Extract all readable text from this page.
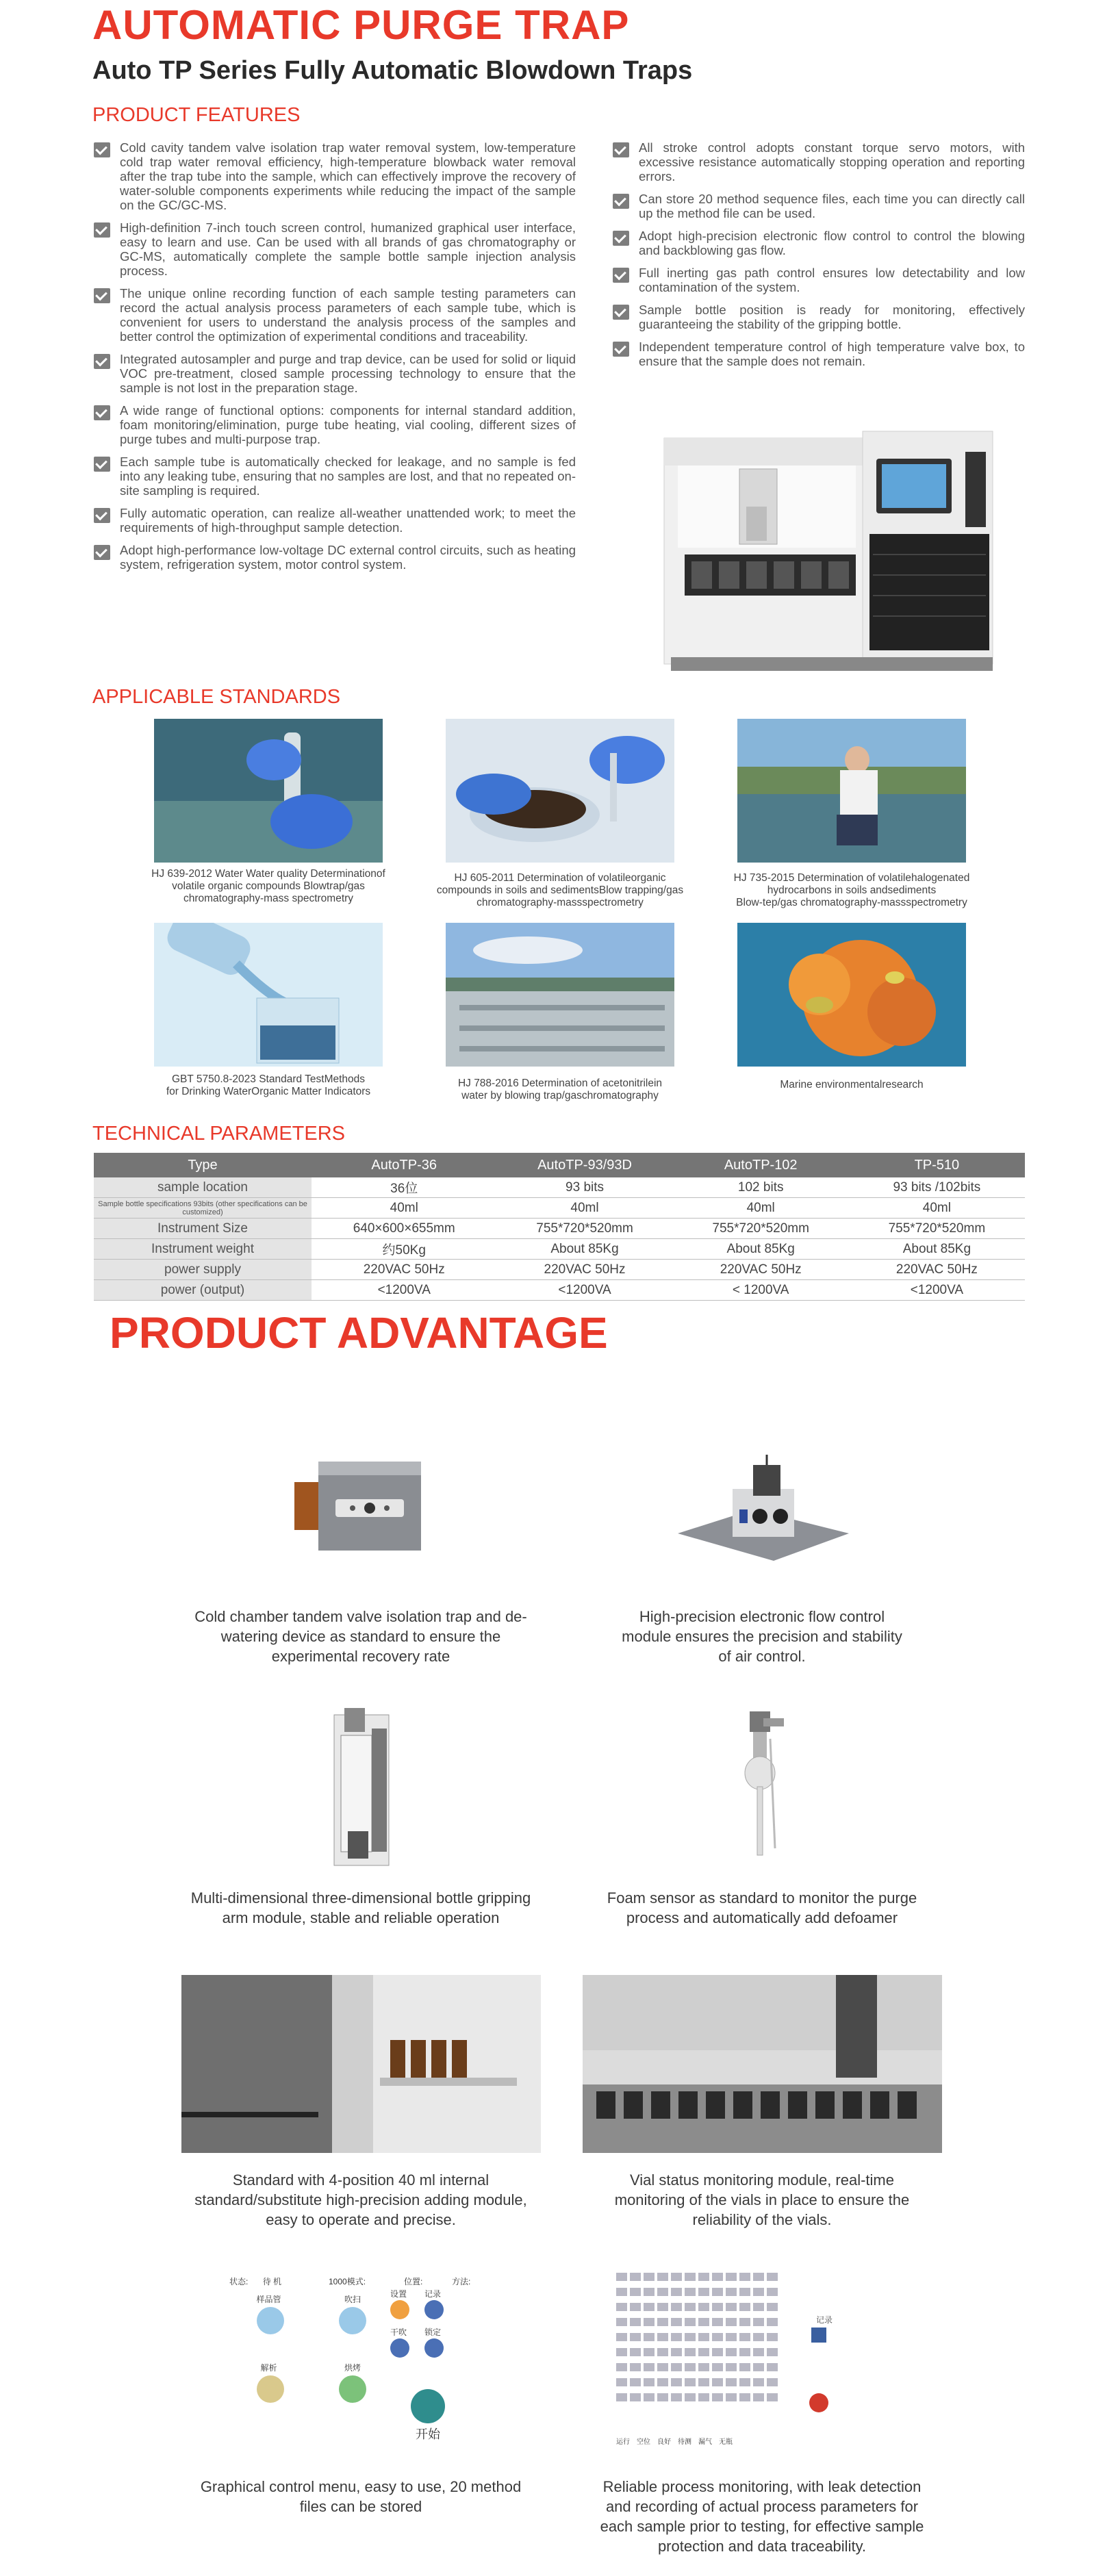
AUTOMATIC PURGE TRAP
Auto TP Series Fully Automatic Blowdown Traps
PRODUCT FEATURES
Cold cavity tandem valve isolation trap water removal system, low-temperature cold trap water removal efficiency, high-temperature blowback water removal after the trap tube into the sample, which can effectively improve the recovery of water-soluble components experiments while reducing the impact of the sample on the GC/GC-MS.
High-definition 7-inch touch screen control, humanized graphical user interface, easy to learn and use. Can be used with all brands of gas chromatography or GC-MS, automatically complete the sample bottle sample injection analysis process.
The unique online recording function of each sample testing parameters can record the actual analysis process parameters of each sample tube, which is convenient for users to understand the analysis process of the samples and better control the optimization of experimental conditions and traceability.
Integrated autosampler and purge and trap device, can be used for solid or liquid VOC pre-treatment, closed sample processing technology to ensure that the sample is not lost in the preparation stage.
A wide range of functional options: components for internal standard addition, foam monitoring/elimination, purge tube heating, vial cooling, different sizes of purge tubes and multi-purpose trap.
Each sample tube is automatically checked for leakage, and no sample is fed into any leaking tube, ensuring that no samples are lost, and that no repeated on-site sampling is required.
Fully automatic operation, can realize all-weather unattended work; to meet the requirements of high-throughput sample detection.
Adopt high-performance low-voltage DC external control circuits, such as heating system, refrigeration system, motor control system.
All stroke control adopts constant torque servo motors, with excessive resistance automatically stopping operation and reporting errors.
Can store 20 method sequence files, each time you can directly call up the method file can be used.
Adopt high-precision electronic flow control to control the blowing and backblowing gas flow.
Full inerting gas path control ensures low detectability and low contamination of the system.
Sample bottle position is ready for monitoring, effectively guaranteeing the stability of the gripping bottle.
Independent temperature control of high temperature valve box, to ensure that the sample does not remain.
APPLICABLE STANDARDS
HJ 639-2012 Water Water quality Determinationof
volatile organic compounds Blowtrap/gas
chromatography-mass spectrometry
HJ 605-2011 Determination of volatileorganic
compounds in soils and sedimentsBlow trapping/gas
chromatography-massspectrometry
HJ 735-2015 Determination of volatilehalogenated
hydrocarbons in soils andsediments
Blow-tep/gas chromatography-massspectrometry
GBT 5750.8-2023 Standard TestMethods
for Drinking WaterOrganic Matter Indicators
HJ 788-2016 Determination of acetonitrilein
water by blowing trap/gaschromatography
Marine environmentalresearch
TECHNICAL PARAMETERS
Type	AutoTP-36	AutoTP-93/93D	AutoTP-102	TP-510
sample location	36位	93 bits	102 bits	93 bits /102bits
Sample bottle specifications 93bits (other specifications can be customized)	40ml	40ml	40ml	40ml
Instrument Size	640×600×655mm	755*720*520mm	755*720*520mm	755*720*520mm
Instrument weight	约50Kg	About 85Kg	About 85Kg	About 85Kg
power supply	220VAC 50Hz	220VAC 50Hz	220VAC 50Hz	220VAC 50Hz
power (output)	<1200VA	<1200VA	< 1200VA	<1200VA
PRODUCT ADVANTAGE
Cold chamber tandem valve isolation trap and de-
watering device as standard to ensure the
experimental recovery rate
High-precision electronic flow control
module ensures the precision and stability
of air control.
Multi-dimensional three-dimensional bottle gripping
arm module, stable and reliable operation
Foam sensor as standard to monitor the purge
process and automatically add defoamer
Standard with 4-position 40 ml internal
standard/substitute high-precision adding module,
easy to operate and precise.
Vial status monitoring module, real-time
monitoring of the vials in place to ensure the
reliability of the vials.
状态: 待 机	1000模式:	位置:	方法:
样品管	吹扫
设置 记录
干吹 锁定
解析	烘烤
开始
记录
运行 空位 良好 待测 漏气 无瓶
Graphical control menu, easy to use, 20 method
files can be stored
Reliable process monitoring, with leak detection
and recording of actual process parameters for
each sample prior to testing, for effective sample
protection and data traceability.
